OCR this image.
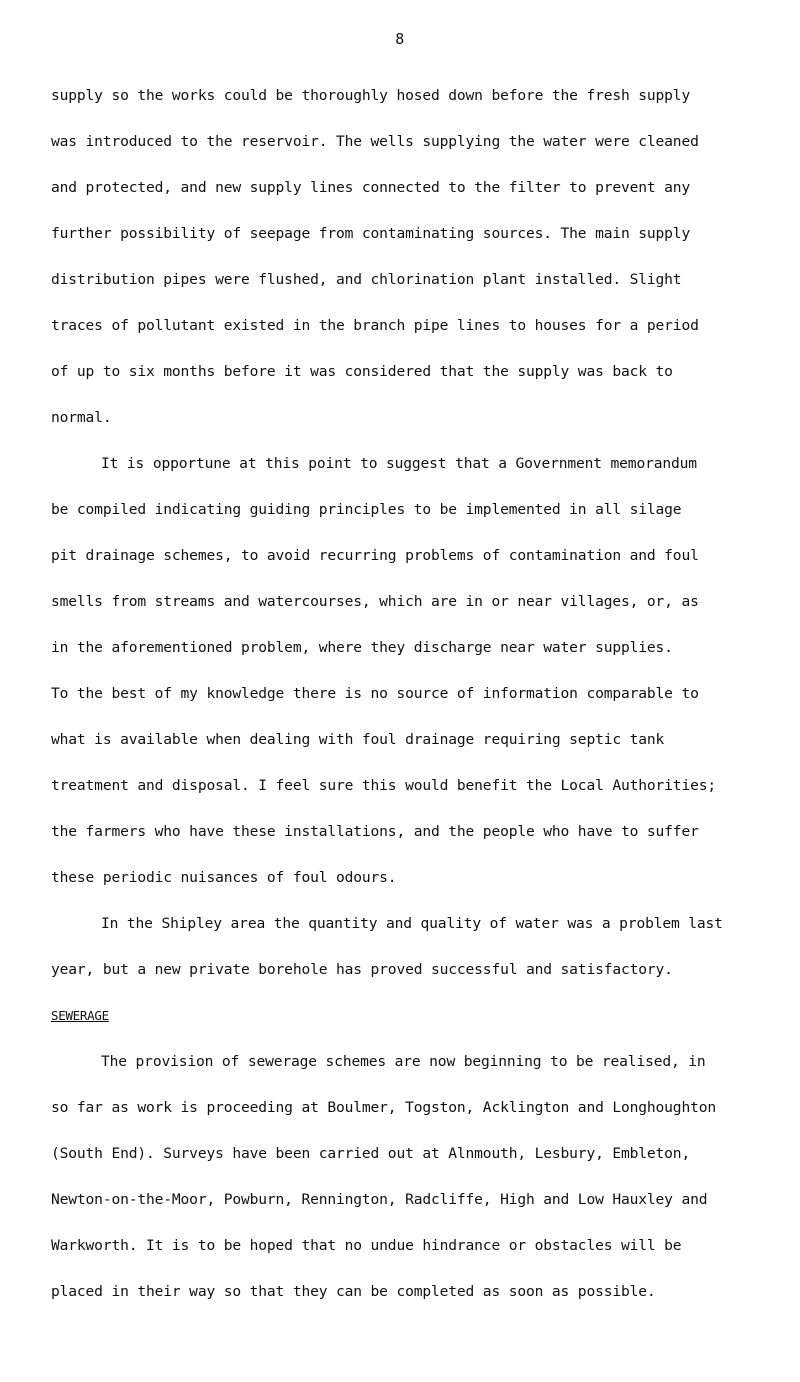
8
supply so the works could be thoroughly hosed down before the fresh supply
was introduced to the reservoir. The wells supplying the water were cleaned
and protected, and new supply lines connected to the filter to prevent any
further possibility of seepage from contaminating sources. The main supply
distribution pipes were flushed, and chlorination plant installed. Slight
traces of pollutant existed in the branch pipe lines to houses for a period
of up to six months before it was considered that the supply was back to
normal.
It is opportune at this point to suggest that a Government memorandum
be compiled indicating guiding principles to be implemented in all silage
pit drainage schemes, to avoid recurring problems of contamination and foul
smells from streams and watercourses, which are in or near villages, or, as
in the aforementioned problem, where they discharge near water supplies.
To the best of my knowledge there is no source of information comparable to
what is available when dealing with foul drainage requiring septic tank
treatment and disposal. I feel sure this would benefit the Local Authorities;
the farmers who have these installations, and the people who have to suffer
these periodic nuisances of foul odours.
In the Shipley area the quantity and quality of water was a problem last
year, but a new private borehole has proved successful and satisfactory.
SEWERAGE
The provision of sewerage schemes are now beginning to be realised, in
so far as work is proceeding at Boulmer, Togston, Acklington and Longhoughton
(South End). Surveys have been carried out at Alnmouth, Lesbury, Embleton,
Newton-on-the-Moor, Powburn, Rennington, Radcliffe, High and Low Hauxley and
Warkworth. It is to be hoped that no undue hindrance or obstacles will be
placed in their way so that they can be completed as soon as possible.
